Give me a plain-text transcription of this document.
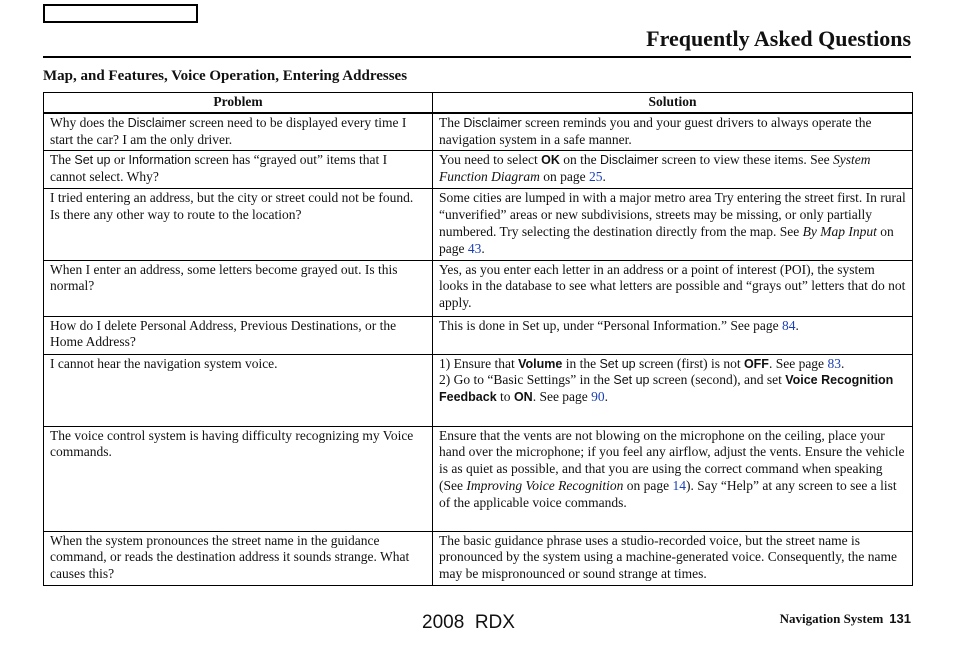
Frequently Asked Questions
Map, and Features, Voice Operation, Entering Addresses
Problem	Solution
Why does the Disclaimer screen need to be displayed every time I start the car? I am the only driver.	The Disclaimer screen reminds you and your guest drivers to always operate the navigation system in a safe manner.
The Set up or Information screen has “grayed out” items that I cannot select. Why?	You need to select OK on the Disclaimer screen to view these items. See System Function Diagram on page 25.
I tried entering an address, but the city or street could not be found. Is there any other way to route to the location?	Some cities are lumped in with a major metro area Try entering the street first. In rural “unverified” areas or new subdivisions, streets may be missing, or only partially numbered. Try selecting the destination directly from the map. See By Map Input on page 43.
When I enter an address, some letters become grayed out. Is this normal?	Yes, as you enter each letter in an address or a point of interest (POI), the system looks in the database to see what letters are possible and “grays out” letters that do not apply.
How do I delete Personal Address, Previous Destinations, or the Home Address?	This is done in Set up, under “Personal Information.” See page 84.
I cannot hear the navigation system voice.	1) Ensure that Volume in the Set up screen (first) is not OFF. See page 83.
2) Go to “Basic Settings” in the Set up screen (second), and set Voice Recognition Feedback to ON. See page 90.

The voice control system is having difficulty recognizing my Voice commands.	Ensure that the vents are not blowing on the microphone on the ceiling, place your hand over the microphone; if you feel any airflow, adjust the vents. Ensure the vehicle is as quiet as possible, and that you are using the correct command when speaking (See Improving Voice Recognition on page 14). Say “Help” at any screen to see a list of the applicable voice commands.
When the system pronounces the street name in the guidance command, or reads the destination address it sounds strange. What causes this?	The basic guidance phrase uses a studio-recorded voice, but the street name is pronounced by the system using a machine-generated voice. Consequently, the name may be mispronounced or sound strange at times.
2008  RDX	Navigation System 131
